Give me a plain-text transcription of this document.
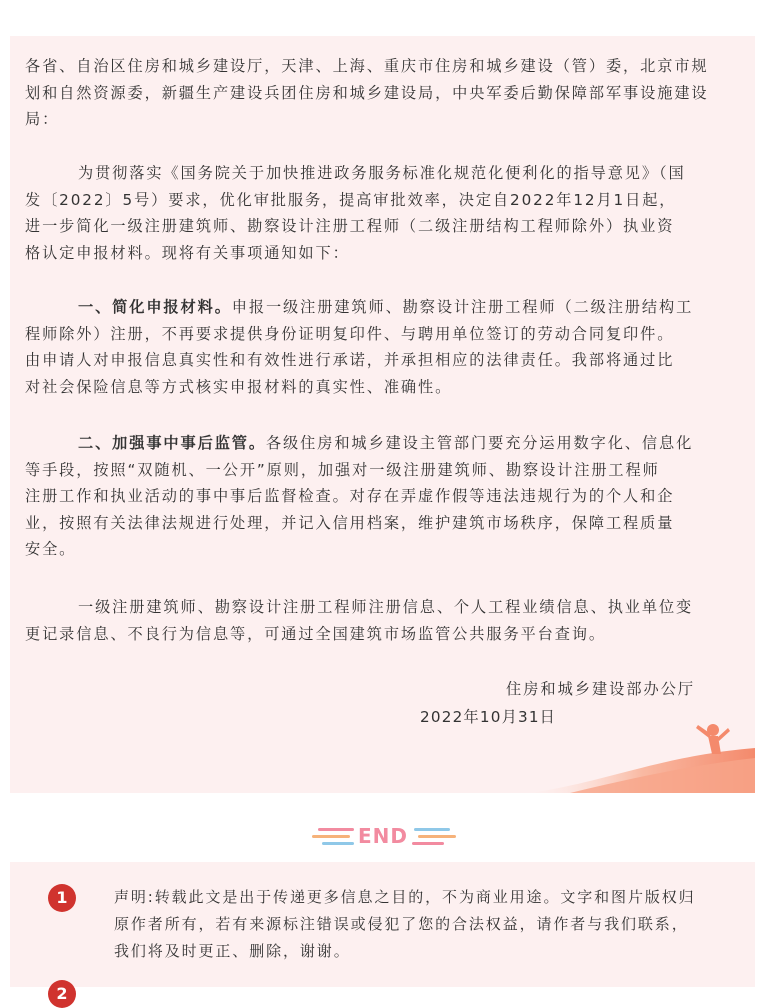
各省、自治区住房和城乡建设厅，天津、上海、重庆市住房和城乡建设（管）委，北京市规
划和自然资源委，新疆生产建设兵团住房和城乡建设局，中央军委后勤保障部军事设施建设
局：

为贯彻落实《国务院关于加快推进政务服务标准化规范化便利化的指导意见》（国
发〔2022〕5号）要求，优化审批服务，提高审批效率，决定自2022年12月1日起，
进一步简化一级注册建筑师、勘察设计注册工程师（二级注册结构工程师除外）执业资
格认定申报材料。现将有关事项通知如下：

一、简化申报材料。申报一级注册建筑师、勘察设计注册工程师（二级注册结构工
程师除外）注册，不再要求提供身份证明复印件、与聘用单位签订的劳动合同复印件。
由申请人对申报信息真实性和有效性进行承诺，并承担相应的法律责任。我部将通过比
对社会保险信息等方式核实申报材料的真实性、准确性。

二、加强事中事后监管。各级住房和城乡建设主管部门要充分运用数字化、信息化
等手段，按照“双随机、一公开”原则，加强对一级注册建筑师、勘察设计注册工程师
注册工作和执业活动的事中事后监督检查。对存在弄虚作假等违法违规行为的个人和企
业，按照有关法律法规进行处理，并记入信用档案，维护建筑市场秩序，保障工程质量
安全。

一级注册建筑师、勘察设计注册工程师注册信息、个人工程业绩信息、执业单位变
更记录信息、不良行为信息等，可通过全国建筑市场监管公共服务平台查询。

住房和城乡建设部办公厅
2022年10月31日
END
1	声明:转载此文是出于传递更多信息之目的，不为商业用途。文字和图片版权归
原作者所有，若有来源标注错误或侵犯了您的合法权益，请作者与我们联系，
我们将及时更正、删除，谢谢。
2
